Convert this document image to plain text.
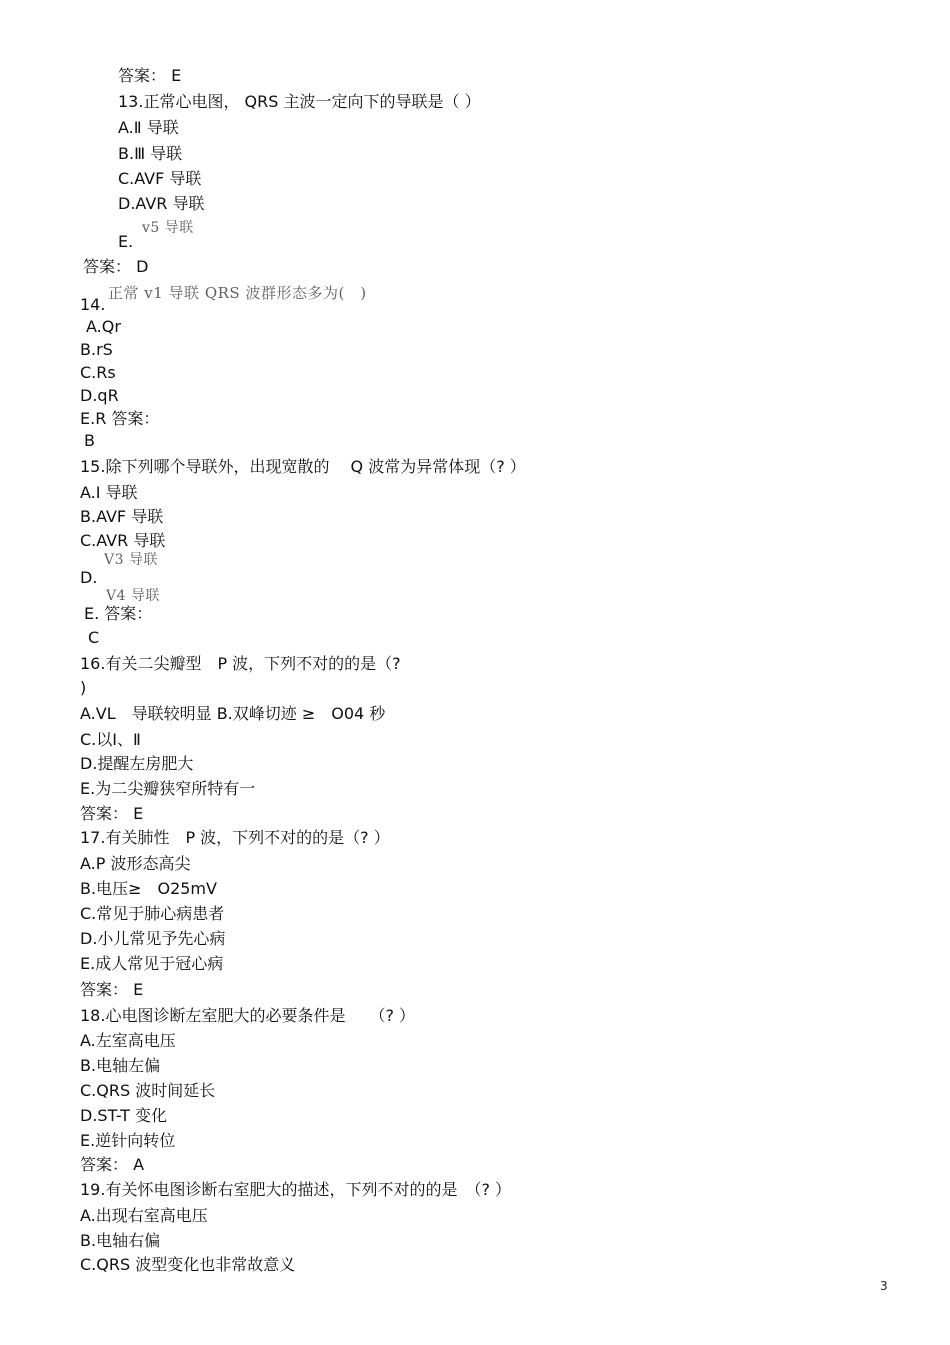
答案： E
13.正常心电图， QRS 主波一定向下的导联是（ ）
A.Ⅱ 导联
B.Ⅲ 导联
C.AVF 导联
D.AVR 导联
v5 导联
E.
答案： D
正常 v1 导联 QRS 波群形态多为(　)
14.
A.Qr
B.rS
C.Rs
D.qR
E.R 答案：
B
15.除下列哪个导联外，出现宽散的　 Q 波常为异常体现（? ）
A.I 导联
B.AVF 导联
C.AVR 导联
V3 导联
D.
V4 导联
E. 答案：
C
16.有关二尖瓣型　P 波，下列不对的的是（?
)
A.VL　导联较明显 B.双峰切迹 ≥　O04 秒
C.以Ⅰ、Ⅱ
D.提醒左房肥大
E.为二尖瓣狭窄所特有一
答案： E
17.有关肺性　P 波，下列不对的的是（? ）
A.P 波形态高尖
B.电压≥　O25mV
C.常见于肺心病患者
D.小儿常见予先心病
E.成人常见于冠心病
答案： E
18.心电图诊断左室肥大的必要条件是　　（? ）
A.左室高电压
B.电轴左偏
C.QRS 波时间延长
D.ST-T 变化
E.逆针向转位
答案： A
19.有关怀电图诊断右室肥大的描述，下列不对的的是　（? ）
A.出现右室高电压
B.电轴右偏
C.QRS 波型变化也非常故意义
3
